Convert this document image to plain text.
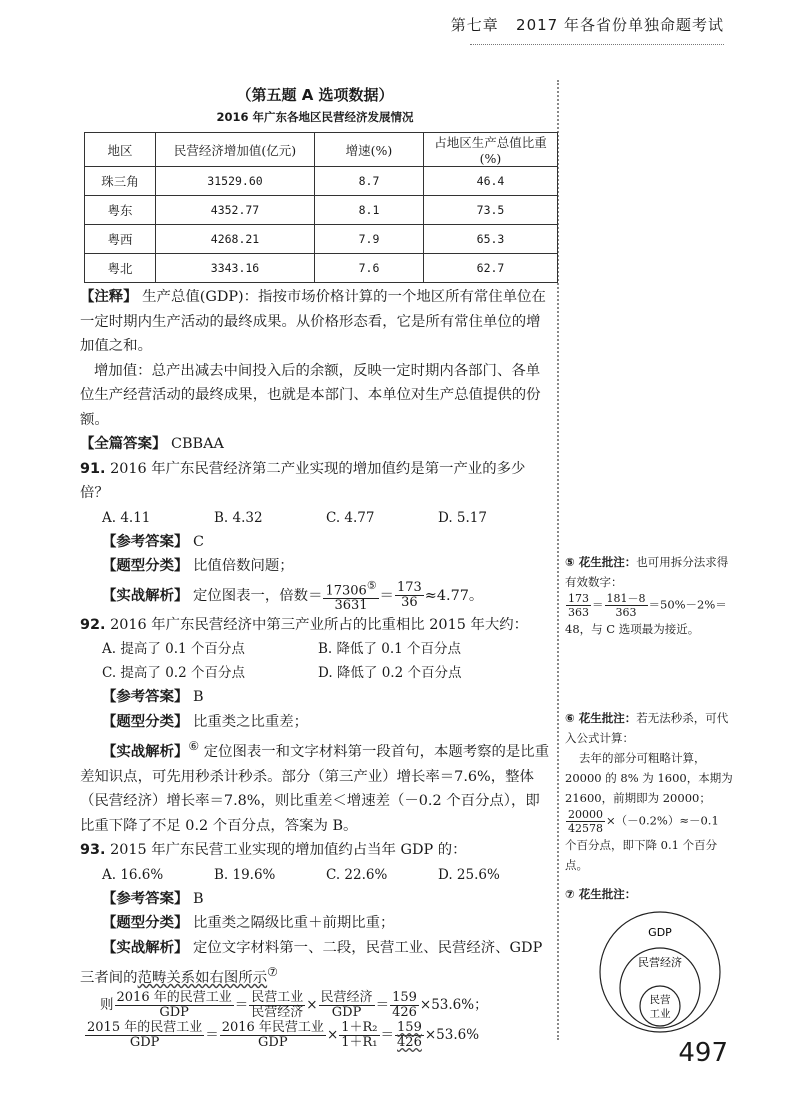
第七章 2017 年各省份单独命题考试
（第五题 A 选项数据）
2016 年广东各地区民营经济发展情况
地区	民营经济增加值(亿元)	增速(%)	占地区生产总值比重(%)
珠三角	31529.60	8.7	46.4
粤东	4352.77	8.1	73.5
粤西	4268.21	7.9	65.3
粤北	3343.16	7.6	62.7

【注释】 生产总值(GDP)：指按市场价格计算的一个地区所有常住单位在一定时期内生产活动的最终成果。从价格形态看，它是所有常住单位的增加值之和。

增加值：总产出减去中间投入后的余额，反映一定时期内各部门、各单位生产经营活动的最终成果，也就是本部门、本单位对生产总值提供的份额。

【全篇答案】 CBBAA

91. 2016 年广东民营经济第二产业实现的增加值约是第一产业的多少倍？

A. 4.11	B. 4.32	C. 4.77	D. 5.17

【参考答案】 C

【题型分类】 比值倍数问题；

【实战解析】 定位图表一，倍数＝ $\frac{17306^⑤}{3631} = \frac{173}{36} \approx 4.77$。

92. 2016 年广东民营经济中第三产业所占的比重相比 2015 年大约：

A. 提高了 0.1 个百分点	B. 降低了 0.1 个百分点
C. 提高了 0.2 个百分点	D. 降低了 0.2 个百分点

【参考答案】 B

【题型分类】 比重类之比重差；

【实战解析】⑥ 定位图表一和文字材料第一段首句，本题考察的是比重差知识点，可先用秒杀计秒杀。部分（第三产业）增长率＝7.6%，整体（民营经济）增长率＝7.8%，则比重差＜增速差（－0.2 个百分点），即比重下降了不足 0.2 个百分点，答案为 B。

93. 2015 年广东民营工业实现的增加值约占当年 GDP 的：

A. 16.6%	B. 19.6%	C. 22.6%	D. 25.6%

【参考答案】 B

【题型分类】 比重类之隔级比重＋前期比重；

【实战解析】 定位文字材料第一、二段，民营工业、民营经济、GDP 三者间的范畴关系如右图所示⑦

则 $\frac{\text{2016 年的民营工业}}{\text{GDP}} = \frac{\text{民营工业}}{\text{民营经济}} \times \frac{\text{民营经济}}{\text{GDP}} = \frac{159}{426} \times 53.6\%$；
$\frac{\text{2015 年的民营工业}}{\text{GDP}} = \frac{\text{2016 年民营工业}}{\text{GDP}} \times \frac{\text{1＋R₂}}{\text{1＋R₁}} = \frac{159}{426} \times 53.6\%$
⑤ 花生批注：也可用拆分法求得有效数字：

$\frac{173}{363} = \frac{181-8}{363} =50\%-2\%=48$，与 C 选项最为接近。
⑥ 花生批注：若无法秒杀，可代入公式计算：
去年的部分可粗略计算，20000 的 8% 为 1600，本期为 21600，前期即为 20000；

$\frac{20000}{42578} \times(-0.2\%)\approx-0.1$ 个百分点，即下降 0.1 个百分点。
⑦ 花生批注：
GDP
民营经济
民营
工业
497
